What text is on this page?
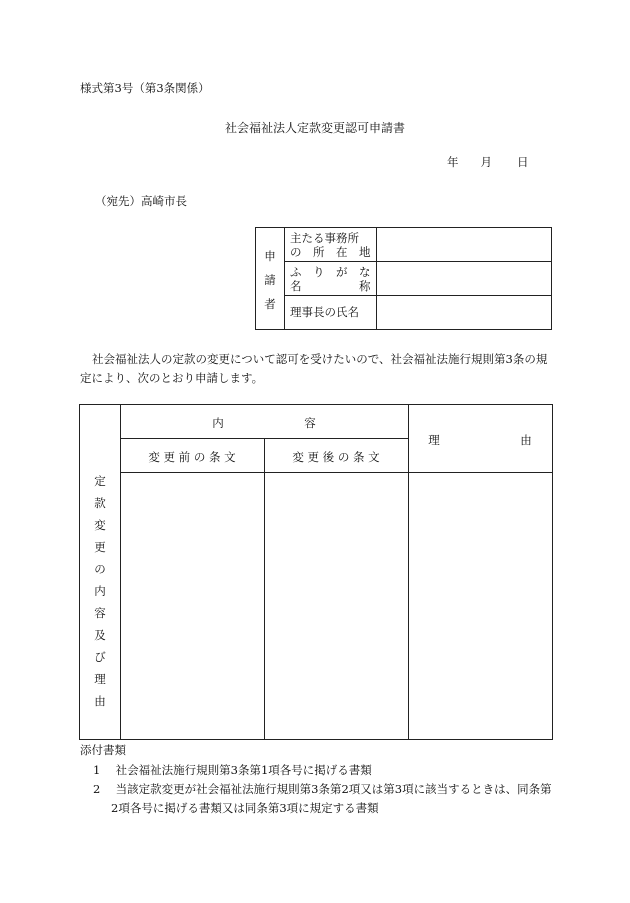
様式第3号（第3条関係）
社会福祉法人定款変更認可申請書
年 月 日
（宛先）高崎市長
申
請
者
主たる事務所
の　所　在　地
ふ　り　が　な
名　　　　　称
理事長の氏名
社会福祉法人の定款の変更について認可を受けたいので、社会福祉法施行規則第3条の規定により、次のとおり申請します。
定
款
変
更
の
内
容
及
び
理
由
内　　　　　　　容
変 更 前 の 条 文	変 更 後 の 条 文
理　　　　　　　由
添付書類
1 社会福祉法施行規則第3条第1項各号に掲げる書類
2 当該定款変更が社会福祉法施行規則第3条第2項又は第3項に該当するときは、同条第2項各号に掲げる書類又は同条第3項に規定する書類
